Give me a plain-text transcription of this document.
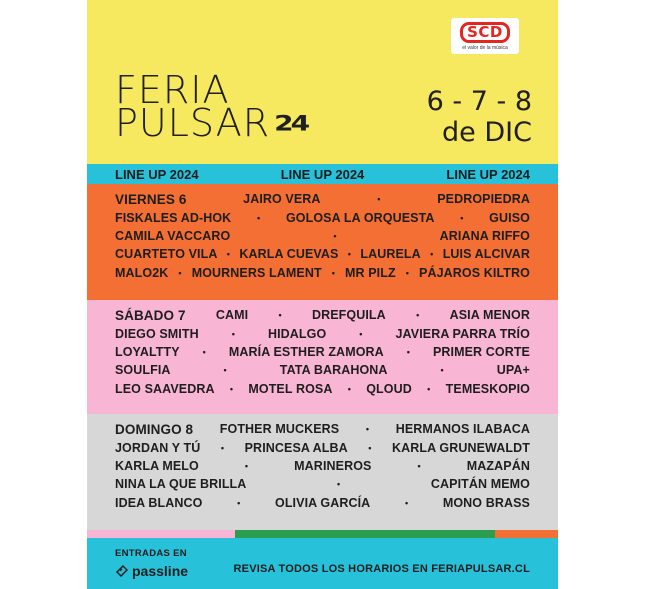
SCD
el valor de la música
FERIA
PULSAR 24
6 - 7 - 8
de DIC
LINE UP 2024	LINE UP 2024	LINE UP 2024
VIERNES 6	JAIRO VERA	•	PEDROPIEDRA
FISKALES AD-HOK	• GOLOSA LA ORQUESTA	• GUISO
CAMILA VACCARO	•	ARIANA RIFFO
CUARTETO VILA • KARLA CUEVAS • LAURELA • LUIS ALCIVAR
MALO2K • MOURNERS LAMENT • MR PILZ • PÁJAROS KILTRO
SÁBADO 7 CAMI	• DREFQUILA	• ASIA MENOR
DIEGO SMITH	•	HIDALGO	•	JAVIERA PARRA TRÍO
LOYALTTY	• MARÍA ESTHER ZAMORA	• PRIMER CORTE
SOULFIA	•	TATA BARAHONA	•	UPA+
LEO SAAVEDRA • MOTEL ROSA • QLOUD • TEMESKOPIO
DOMINGO 8 FOTHER MUCKERS	• HERMANOS ILABACA
JORDAN Y TÚ • PRINCESA ALBA • KARLA GRUNEWALDT
KARLA MELO	•	MARINEROS	•	MAZAPÁN
NINA LA QUE BRILLA	•	CAPITÁN MEMO
IDEA BLANCO	•	OLIVIA GARCÍA	•	MONO BRASS
ENTRADAS EN
passline	REVISA TODOS LOS HORARIOS EN FERIAPULSAR.CL
